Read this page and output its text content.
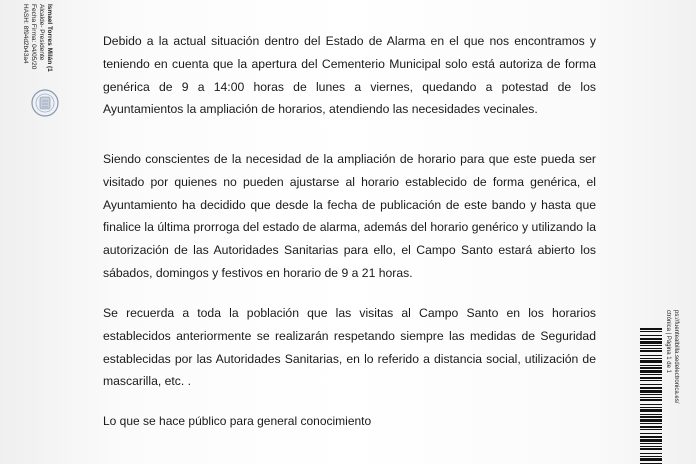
Ismael Torres Milán (1
Alcalde- Presidente
Fecha Firma: 04/05/20
HASH: 8f94d2b43a4	Debido a la actual situación dentro del Estado de Alarma en el que nos encontramos y teniendo en cuenta que la apertura del Cementerio Municipal solo está autoriza de forma genérica de 9 a 14:00 horas de lunes a viernes, quedando a potestad de los Ayuntamientos la ampliación de horarios, atendiendo las necesidades vecinales.

Siendo conscientes de la necesidad de la ampliación de horario para que este pueda ser visitado por quienes no pueden ajustarse al horario establecido de forma genérica, el Ayuntamiento ha decidido que desde la fecha de publicación de este bando y hasta que finalice la última prorroga del estado de alarma, además del horario genérico y utilizando la autorización de las Autoridades Sanitarias para ello, el Campo Santo estará abierto los sábados, domingos y festivos en horario de 9 a 21 horas.

Se recuerda a toda la población que las visitas al Campo Santo en los horarios establecidos anteriormente se realizarán respetando siempre las medidas de Seguridad establecidas por las Autoridades Sanitarias, en lo referido a distancia social, utilización de mascarilla, etc. .

Lo que se hace público para general conocimiento

ps://fuentealbilla.sedelectronica.es/
ctrónica | Página 1 de 1
